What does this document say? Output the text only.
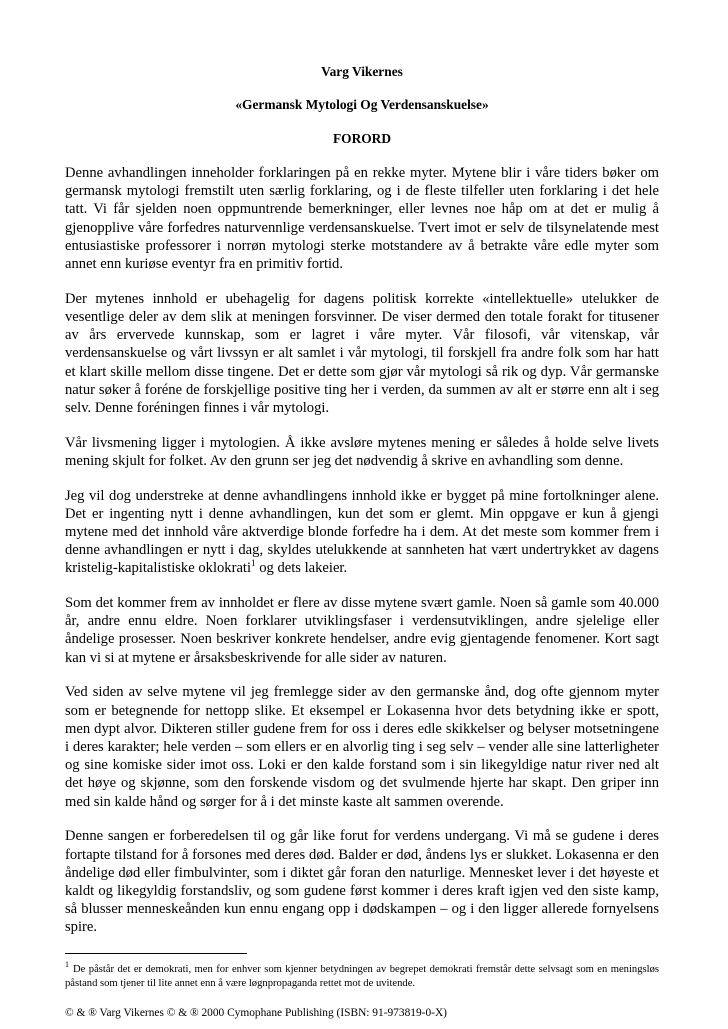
Varg Vikernes

«Germansk Mytologi Og Verdensanskuelse»

FORORD

Denne avhandlingen inneholder forklaringen på en rekke myter. Mytene blir i våre tiders bøker om germansk mytologi fremstilt uten særlig forklaring, og i de fleste tilfeller uten forklaring i det hele tatt. Vi får sjelden noen oppmuntrende bemerkninger, eller levnes noe håp om at det er mulig å gjenopplive våre forfedres naturvennlige verdensanskuelse. Tvert imot er selv de tilsynelatende mest entusiastiske professorer i norrøn mytologi sterke motstandere av å betrakte våre edle myter som annet enn kuriøse eventyr fra en primitiv fortid.

Der mytenes innhold er ubehagelig for dagens politisk korrekte «intellektuelle» utelukker de vesentlige deler av dem slik at meningen forsvinner. De viser dermed den totale forakt for titusener av års ervervede kunnskap, som er lagret i våre myter. Vår filosofi, vår vitenskap, vår verdensanskuelse og vårt livssyn er alt samlet i vår mytologi, til forskjell fra andre folk som har hatt et klart skille mellom disse tingene. Det er dette som gjør vår mytologi så rik og dyp. Vår germanske natur søker å foréne de forskjellige positive ting her i verden, da summen av alt er større enn alt i seg selv. Denne foréningen finnes i vår mytologi.

Vår livsmening ligger i mytologien. Å ikke avsløre mytenes mening er således å holde selve livets mening skjult for folket. Av den grunn ser jeg det nødvendig å skrive en avhandling som denne.

Jeg vil dog understreke at denne avhandlingens innhold ikke er bygget på mine fortolkninger alene. Det er ingenting nytt i denne avhandlingen, kun det som er glemt. Min oppgave er kun å gjengi mytene med det innhold våre aktverdige blonde forfedre ha i dem. At det meste som kommer frem i denne avhandlingen er nytt i dag, skyldes utelukkende at sannheten hat vært undertrykket av dagens kristelig-kapitalistiske oklokrati$^1$ og dets lakeier.

Som det kommer frem av innholdet er flere av disse mytene svært gamle. Noen så gamle som 40.000 år, andre ennu eldre. Noen forklarer utviklingsfaser i verdensutviklingen, andre sjelelige eller åndelige prosesser. Noen beskriver konkrete hendelser, andre evig gjentagende fenomener. Kort sagt kan vi si at mytene er årsaksbeskrivende for alle sider av naturen.

Ved siden av selve mytene vil jeg fremlegge sider av den germanske ånd, dog ofte gjennom myter som er betegnende for nettopp slike. Et eksempel er Lokasenna hvor dets betydning ikke er spott, men dypt alvor. Dikteren stiller gudene frem for oss i deres edle skikkelser og belyser motsetningene i deres karakter; hele verden – som ellers er en alvorlig ting i seg selv – vender alle sine latterligheter og sine komiske sider imot oss. Loki er den kalde forstand som i sin likegyldige natur river ned alt det høye og skjønne, som den forskende visdom og det svulmende hjerte har skapt. Den griper inn med sin kalde hånd og sørger for å i det minste kaste alt sammen overende.

Denne sangen er forberedelsen til og går like forut for verdens undergang. Vi må se gudene i deres fortapte tilstand for å forsones med deres død. Balder er død, åndens lys er slukket. Lokasenna er den åndelige død eller fimbulvinter, som i diktet går foran den naturlige. Mennesket lever i det høyeste et kaldt og likegyldig forstandsliv, og som gudene først kommer i deres kraft igjen ved den siste kamp, så blusser menneskeånden kun ennu engang opp i dødskampen – og i den ligger allerede fornyelsens spire.

$^1$ De påstår det er demokrati, men for enhver som kjenner betydningen av begrepet demokrati fremstår dette selvsagt som en meningsløs påstand som tjener til lite annet enn å være løgnpropaganda rettet mot de uvitende.

© & ® Varg Vikernes © & ® 2000 Cymophane Publishing (ISBN: 91-973819-0-X)
